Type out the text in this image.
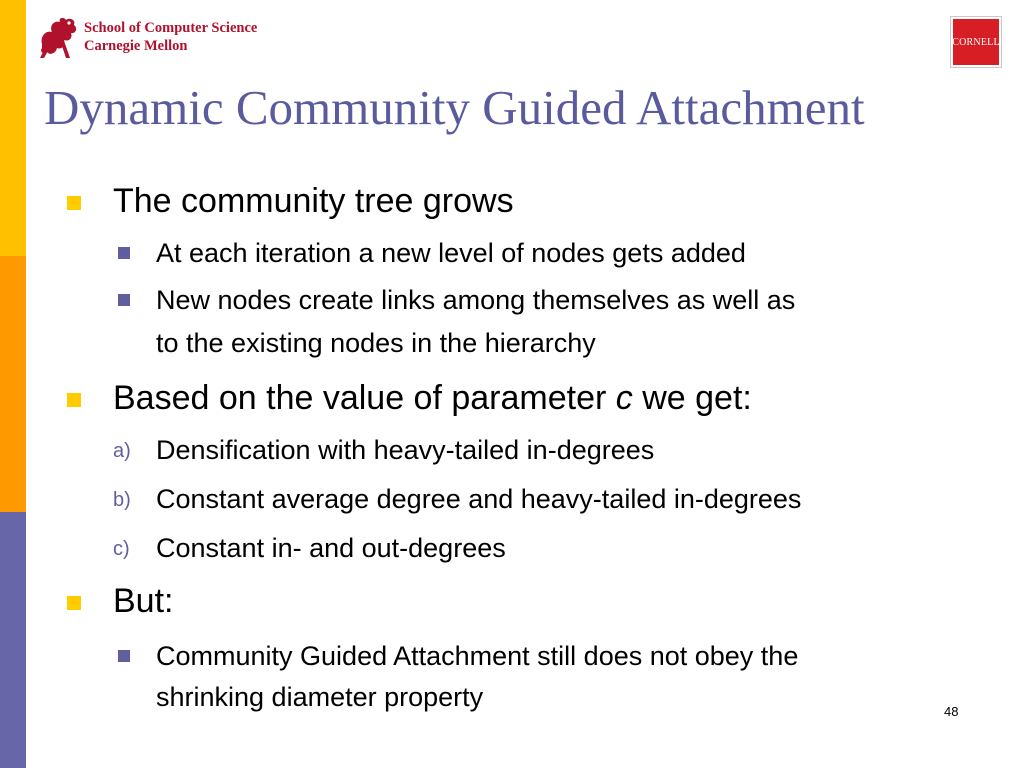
School of Computer Science
Carnegie Mellon	CORNELL
Dynamic Community Guided Attachment
The community tree grows
At each iteration a new level of nodes gets added
New nodes create links among themselves as well as
to the existing nodes in the hierarchy
Based on the value of parameter c we get:
a) Densification with heavy-tailed in-degrees
b) Constant average degree and heavy-tailed in-degrees
c) Constant in- and out-degrees
But:
Community Guided Attachment still does not obey the
shrinking diameter property	48
